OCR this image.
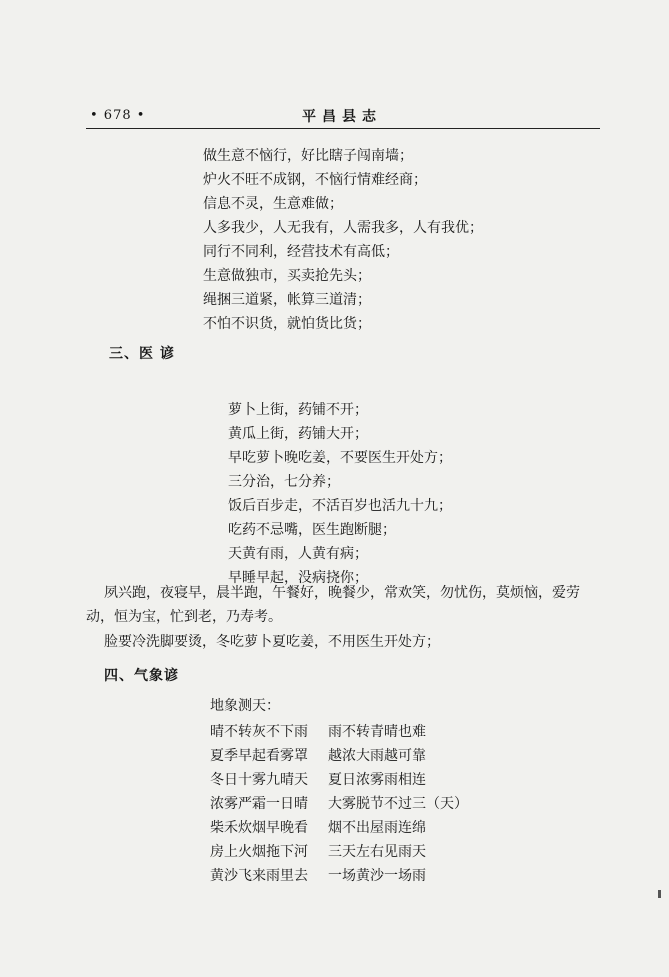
• 678 •	平昌县志
做生意不恼行，好比瞎子闯南墙；
炉火不旺不成钢，不恼行情难经商；
信息不灵，生意难做；
人多我少，人无我有，人需我多，人有我优；
同行不同利，经营技术有高低；
生意做独市，买卖抢先头；
绳捆三道紧，帐算三道清；
不怕不识货，就怕货比货；
三、医 谚
萝卜上街，药铺不开；
黄瓜上街，药铺大开；
早吃萝卜晚吃姜，不要医生开处方；
三分治，七分养；
饭后百步走，不活百岁也活九十九；
吃药不忌嘴，医生跑断腿；
天黄有雨，人黄有病；
早睡早起，没病挠你；

夙兴跑，夜寝早，晨半跑，午餐好，晚餐少，常欢笑，勿忧伤，莫烦恼，爱劳动，恒为宝，忙到老，乃寿考。

脸要冷洗脚要烫，冬吃萝卜夏吃姜，不用医生开处方；

四、气象谚
地象测天：
晴不转灰不下雨	雨不转青晴也难
夏季早起看雾罩	越浓大雨越可靠
冬日十雾九晴天	夏日浓雾雨相连
浓雾严霜一日晴	大雾脱节不过三（天）
柴禾炊烟早晚看	烟不出屋雨连绵
房上火烟拖下河	三天左右见雨天
黄沙飞来雨里去	一场黄沙一场雨
